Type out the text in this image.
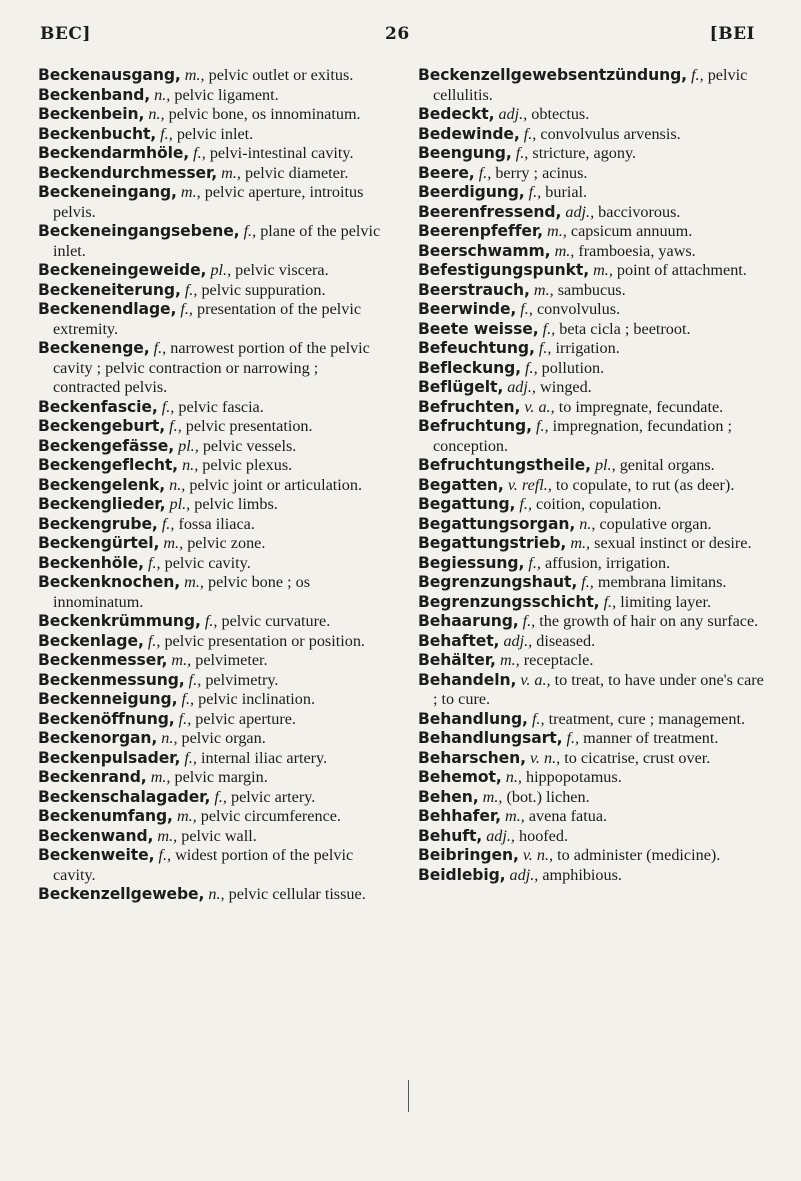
BEC]	26	[BEI

Beckenausgang, m., pelvic outlet or exitus.

Beckenband, n., pelvic ligament.

Beckenbein, n., pelvic bone, os innominatum.

Beckenbucht, f., pelvic inlet.

Beckendarmhöle, f., pelvi-intestinal cavity.

Beckendurchmesser, m., pelvic diameter.

Beckeneingang, m., pelvic aperture, introitus pelvis.

Beckeneingangsebene, f., plane of the pelvic inlet.

Beckeneingeweide, pl., pelvic viscera.

Beckeneiterung, f., pelvic suppuration.

Beckenendlage, f., presentation of the pelvic extremity.

Beckenenge, f., narrowest portion of the pelvic cavity ; pelvic contraction or narrowing ; contracted pelvis.

Beckenfascie, f., pelvic fascia.

Beckengeburt, f., pelvic presentation.

Beckengefässe, pl., pelvic vessels.

Beckengeflecht, n., pelvic plexus.

Beckengelenk, n., pelvic joint or articulation.

Beckenglieder, pl., pelvic limbs.

Beckengrube, f., fossa iliaca.

Beckengürtel, m., pelvic zone.

Beckenhöle, f., pelvic cavity.

Beckenknochen, m., pelvic bone ; os innominatum.

Beckenkrümmung, f., pelvic curvature.

Beckenlage, f., pelvic presentation or position.

Beckenmesser, m., pelvimeter.

Beckenmessung, f., pelvimetry.

Beckenneigung, f., pelvic inclination.

Beckenöffnung, f., pelvic aperture.

Beckenorgan, n., pelvic organ.

Beckenpulsader, f., internal iliac artery.

Beckenrand, m., pelvic margin.

Beckenschalagader, f., pelvic artery.

Beckenumfang, m., pelvic circumference.

Beckenwand, m., pelvic wall.

Beckenweite, f., widest portion of the pelvic cavity.

Beckenzellgewebe, n., pelvic cellular tissue.

Beckenzellgewebsentzündung, f., pelvic cellulitis.

Bedeckt, adj., obtectus.

Bedewinde, f., convolvulus arvensis.

Beengung, f., stricture, agony.

Beere, f., berry ; acinus.

Beerdigung, f., burial.

Beerenfressend, adj., baccivorous.

Beerenpfeffer, m., capsicum annuum.

Beerschwamm, m., framboesia, yaws.

Befestigungspunkt, m., point of attachment.

Beerstrauch, m., sambucus.

Beerwinde, f., convolvulus.

Beete weisse, f., beta cicla ; beetroot.

Befeuchtung, f., irrigation.

Befleckung, f., pollution.

Beflügelt, adj., winged.

Befruchten, v. a., to impregnate, fecundate.

Befruchtung, f., impregnation, fecundation ; conception.

Befruchtungstheile, pl., genital organs.

Begatten, v. refl., to copulate, to rut (as deer).

Begattung, f., coition, copulation.

Begattungsorgan, n., copulative organ.

Begattungstrieb, m., sexual instinct or desire.

Begiessung, f., affusion, irrigation.

Begrenzungshaut, f., membrana limitans.

Begrenzungsschicht, f., limiting layer.

Behaarung, f., the growth of hair on any surface.

Behaftet, adj., diseased.

Behälter, m., receptacle.

Behandeln, v. a., to treat, to have under one's care ; to cure.

Behandlung, f., treatment, cure ; management.

Behandlungsart, f., manner of treatment.

Beharschen, v. n., to cicatrise, crust over.

Behemot, n., hippopotamus.

Behen, m., (bot.) lichen.

Behhafer, m., avena fatua.

Behuft, adj., hoofed.

Beibringen, v. n., to administer (medicine).

Beidlebig, adj., amphibious.
